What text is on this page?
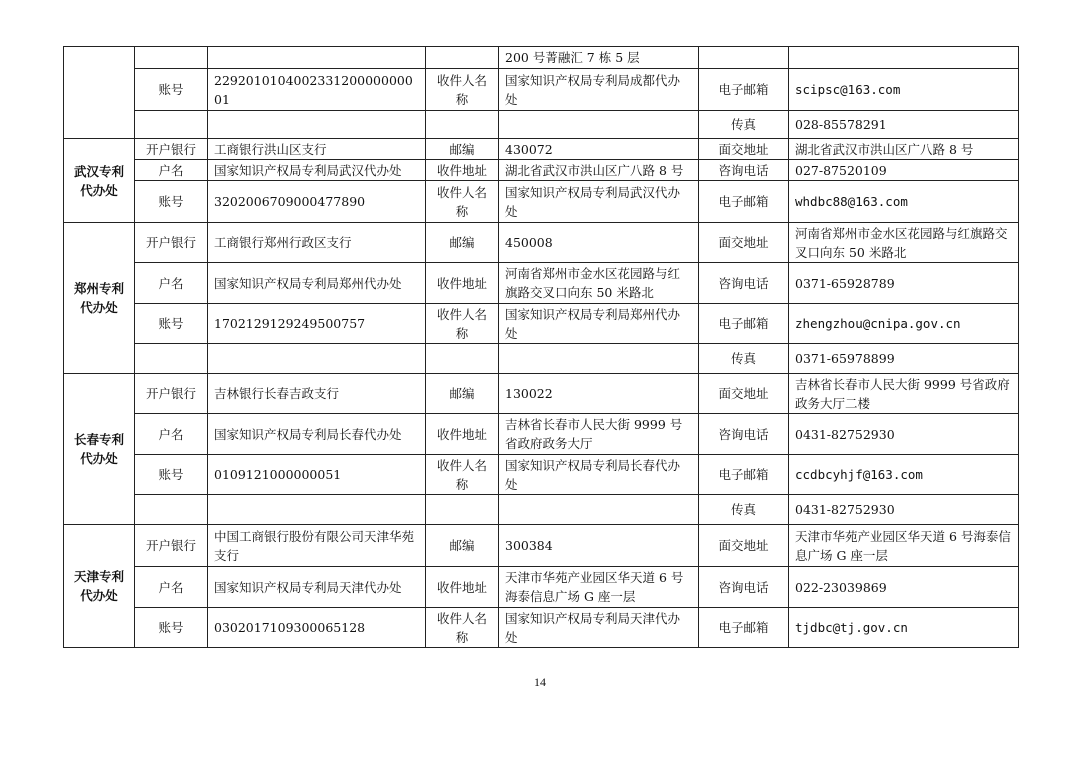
				200 号菁融汇 7 栋 5 层		
	账号	229201010400233120000000001	收件人名称	国家知识产权局专利局成都代办处	电子邮箱	scipsc@163.com
					传真	028-85578291
武汉专利代办处	开户银行	工商银行洪山区支行	邮编	430072	面交地址	湖北省武汉市洪山区广八路 8 号
	户名	国家知识产权局专利局武汉代办处	收件地址	湖北省武汉市洪山区广八路 8 号	咨询电话	027-87520109
	账号	3202006709000477890	收件人名称	国家知识产权局专利局武汉代办处	电子邮箱	whdbc88@163.com
郑州专利代办处	开户银行	工商银行郑州行政区支行	邮编	450008	面交地址	河南省郑州市金水区花园路与红旗路交叉口向东 50 米路北
	户名	国家知识产权局专利局郑州代办处	收件地址	河南省郑州市金水区花园路与红旗路交叉口向东 50 米路北	咨询电话	0371-65928789
	账号	1702129129249500757	收件人名称	国家知识产权局专利局郑州代办处	电子邮箱	zhengzhou@cnipa.gov.cn
					传真	0371-65978899
长春专利代办处	开户银行	吉林银行长春吉政支行	邮编	130022	面交地址	吉林省长春市人民大街 9999 号省政府政务大厅二楼
	户名	国家知识产权局专利局长春代办处	收件地址	吉林省长春市人民大街 9999 号省政府政务大厅	咨询电话	0431-82752930
	账号	0109121000000051	收件人名称	国家知识产权局专利局长春代办处	电子邮箱	ccdbcyhjf@163.com
					传真	0431-82752930
天津专利代办处	开户银行	中国工商银行股份有限公司天津华苑支行	邮编	300384	面交地址	天津市华苑产业园区华天道 6 号海泰信息广场 G 座一层
	户名	国家知识产权局专利局天津代办处	收件地址	天津市华苑产业园区华天道 6 号海泰信息广场 G 座一层	咨询电话	022-23039869
	账号	0302017109300065128	收件人名称	国家知识产权局专利局天津代办处	电子邮箱	tjdbc@tj.gov.cn
14
